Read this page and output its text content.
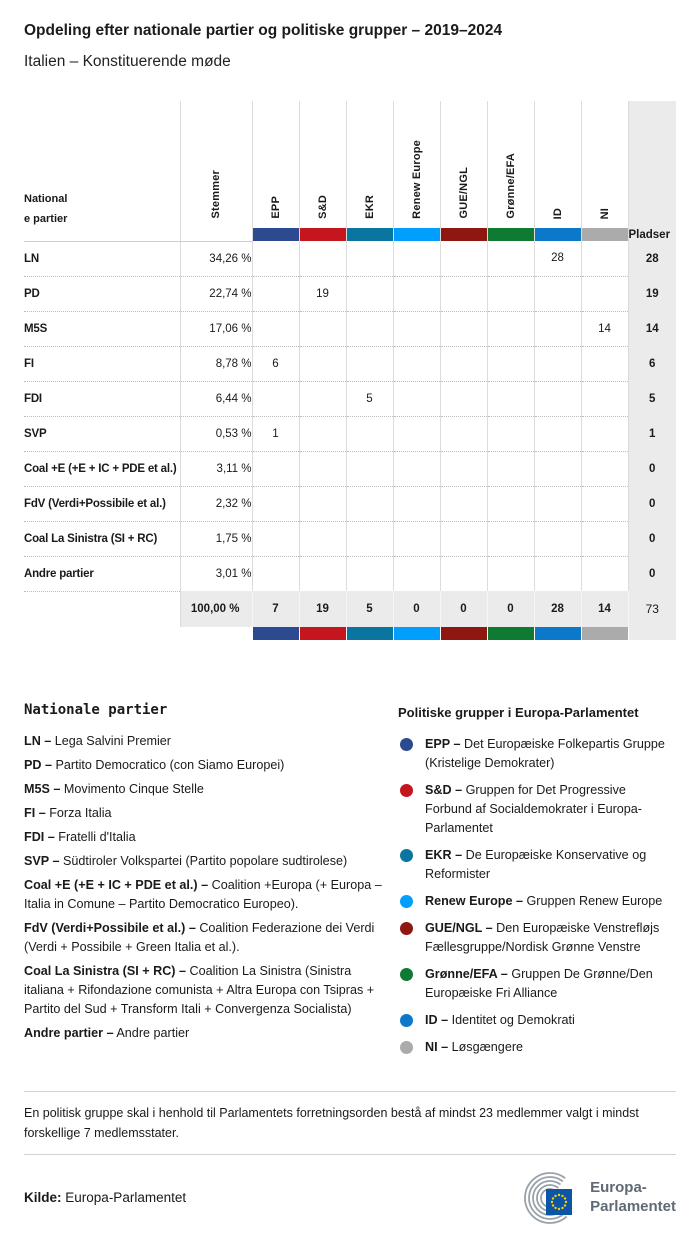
Opdeling efter nationale partier og politiske grupper – 2019–2024

Italien – Konstituerende møde

National
e partier	Stemmer	EPP	S&D	EKR	Renew Europe	GUE/NGL	Grønne/EFA	ID	NI	Pladser
LN	34,26 %							28		28
PD	22,74 %		19							19
M5S	17,06 %								14	14
FI	8,78 %	6								6
FDI	6,44 %			5						5
SVP	0,53 %	1								1
Coal +E (+E + IC + PDE et al.)	3,11 %									0
FdV (Verdi+Possibile et al.)	2,32 %									0
Coal La Sinistra (SI + RC)	1,75 %									0
Andre partier	3,01 %									0
	100,00 %	7	19	5	0	0	0	28	14	73

Nationale partier

LN – Lega Salvini Premier

PD – Partito Democratico (con Siamo Europei)

M5S – Movimento Cinque Stelle

FI – Forza Italia

FDI – Fratelli d'Italia

SVP – Südtiroler Volkspartei (Partito popolare sudtirolese)

Coal +E (+E + IC + PDE et al.) – Coalition +Europa (+ Europa – Italia in Comune – Partito Democratico Europeo).

FdV (Verdi+Possibile et al.) – Coalition Federazione dei Verdi (Verdi + Possibile + Green Italia et al.).

Coal La Sinistra (SI + RC) – Coalition La Sinistra (Sinistra italiana + Rifondazione comunista + Altra Europa con Tsipras + Partito del Sud + Transform Itali + Convergenza Socialista)

Andre partier – Andre partier

Politiske grupper i Europa-Parlamentet
EPP – Det Europæiske Folkepartis Gruppe (Kristelige Demokrater)
S&D – Gruppen for Det Progressive Forbund af Socialdemokrater i Europa-Parlamentet
EKR – De Europæiske Konservative og Reformister
Renew Europe – Gruppen Renew Europe
GUE/NGL – Den Europæiske Venstrefløjs Fællesgruppe/Nordisk Grønne Venstre
Grønne/EFA – Gruppen De Grønne/Den Europæiske Fri Alliance
ID – Identitet og Demokrati
NI – Løsgængere

En politisk gruppe skal i henhold til Parlamentets forretningsorden bestå af mindst 23 medlemmer valgt i mindst forskellige 7 medlemsstater.

Kilde: Europa-Parlamentet

Europa-
Parlamentet
